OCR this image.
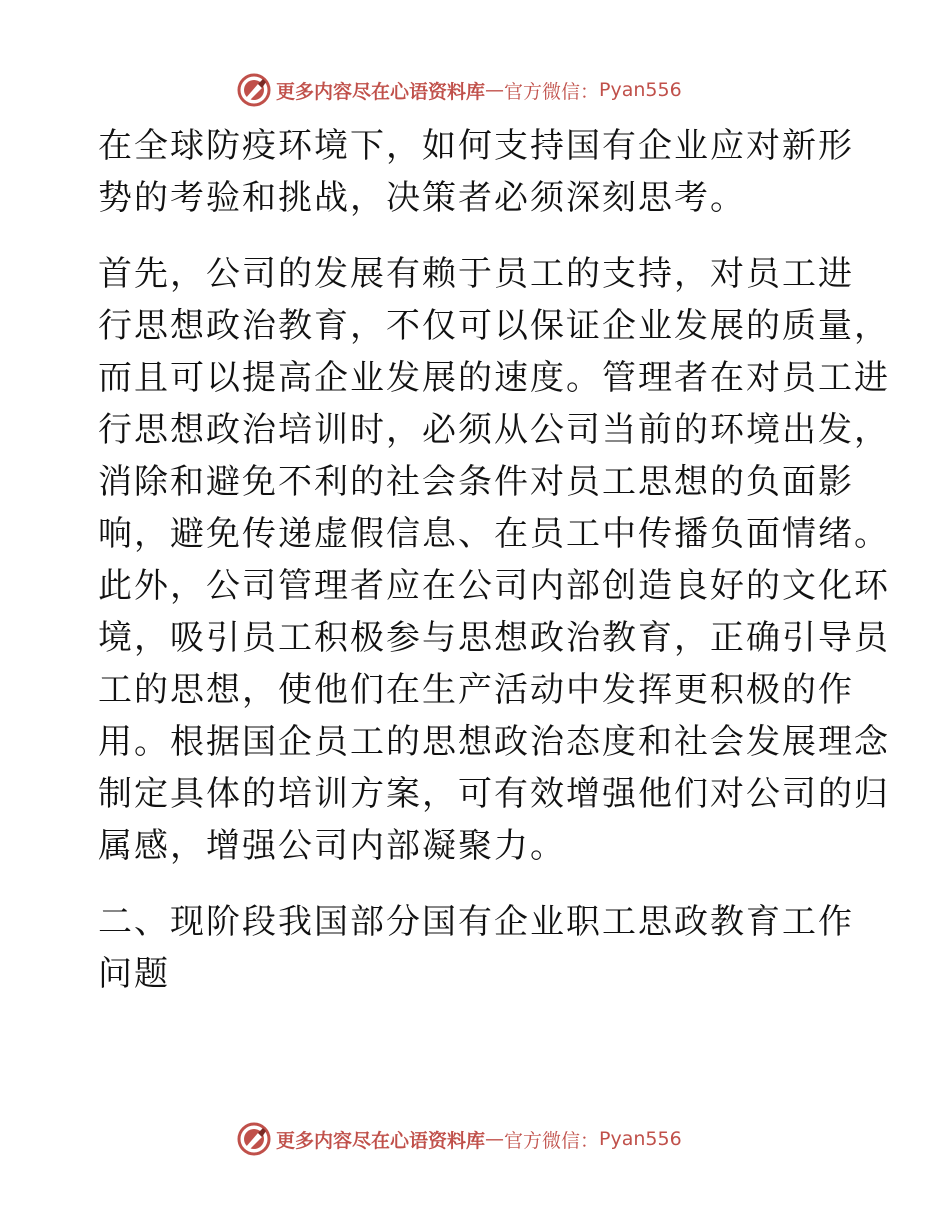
更多内容尽在心语资料库 — 官方微信： Pyan556

在全球防疫环境下，如何支持国有企业应对新形
势的考验和挑战，决策者必须深刻思考。

首先，公司的发展有赖于员工的支持，对员工进
行思想政治教育，不仅可以保证企业发展的质量，
而且可以提高企业发展的速度。管理者在对员工进
行思想政治培训时，必须从公司当前的环境出发，
消除和避免不利的社会条件对员工思想的负面影
响，避免传递虚假信息、在员工中传播负面情绪。
此外，公司管理者应在公司内部创造良好的文化环
境，吸引员工积极参与思想政治教育，正确引导员
工的思想，使他们在生产活动中发挥更积极的作
用。根据国企员工的思想政治态度和社会发展理念
制定具体的培训方案，可有效增强他们对公司的归
属感，增强公司内部凝聚力。

二、现阶段我国部分国有企业职工思政教育工作
问题

更多内容尽在心语资料库 — 官方微信： Pyan556
